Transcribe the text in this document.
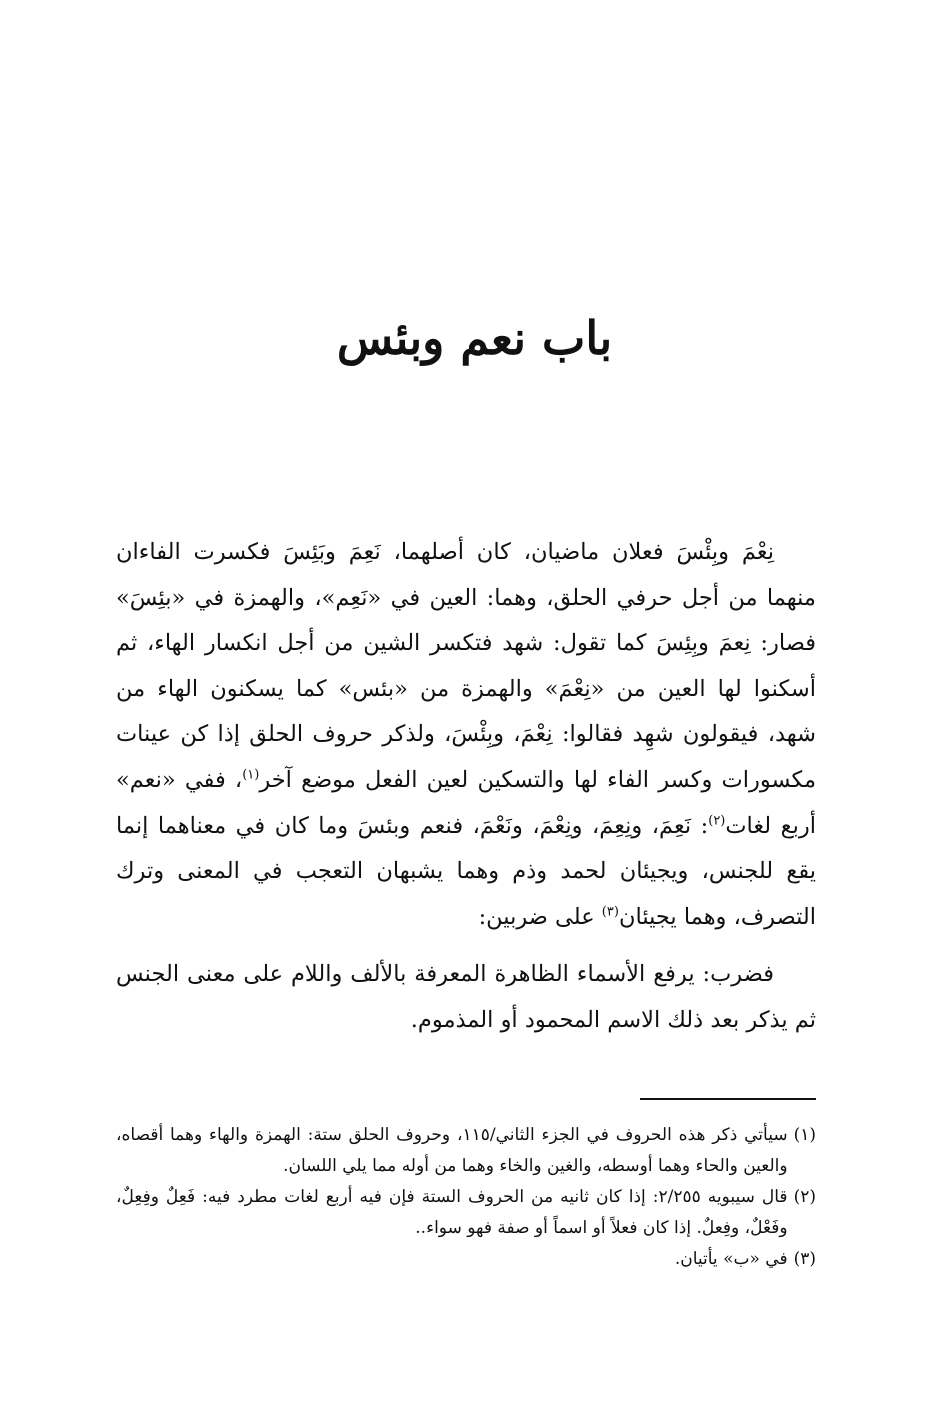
باب نعم وبئس

نِعْمَ وبِئْسَ فعلان ماضيان، كان أصلهما، نَعِمَ وبَئِسَ فكسرت الفاءان منهما من أجل حرفي الحلق، وهما: العين في «نَعِم»، والهمزة في «بئِسَ» فصار: نِعمَ وبِئِسَ كما تقول: شهد فتكسر الشين من أجل انكسار الهاء، ثم أسكنوا لها العين من «نِعْمَ» والهمزة من «بئس» كما يسكنون الهاء من شهد، فيقولون شهِد فقالوا: نِعْمَ، وبِئْسَ، ولذكر حروف الحلق إذا كن عينات مكسورات وكسر الفاء لها والتسكين لعين الفعل موضع آخر$^{(١)}$، ففي «نعم» أربع لغات$^{(٢)}$: نَعِمَ، ونِعِمَ، ونِعْمَ، ونَعْمَ، فنعم وبئسَ وما كان في معناهما إنما يقع للجنس، ويجيئان لحمد وذم وهما يشبهان التعجب في المعنى وترك التصرف، وهما يجيئان$^{(٣)}$ على ضربين:

فضرب: يرفع الأسماء الظاهرة المعرفة بالألف واللام على معنى الجنس ثم يذكر بعد ذلك الاسم المحمود أو المذموم.

(١)
سيأتي ذكر هذه الحروف في الجزء الثاني/١١٥، وحروف الحلق ستة: الهمزة والهاء وهما أقصاه، والعين والحاء وهما أوسطه، والغين والخاء وهما من أوله مما يلي اللسان.
(٢)
قال سيبويه ٢/٢٥٥: إذا كان ثانيه من الحروف الستة فإن فيه أربع لغات مطرد فيه: فَعِلٌ وفِعِلٌ، وفَعْلٌ، وفِعلٌ. إذا كان فعلاً أو اسماً أو صفة فهو سواء..
(٣)
في «ب» يأتيان.
